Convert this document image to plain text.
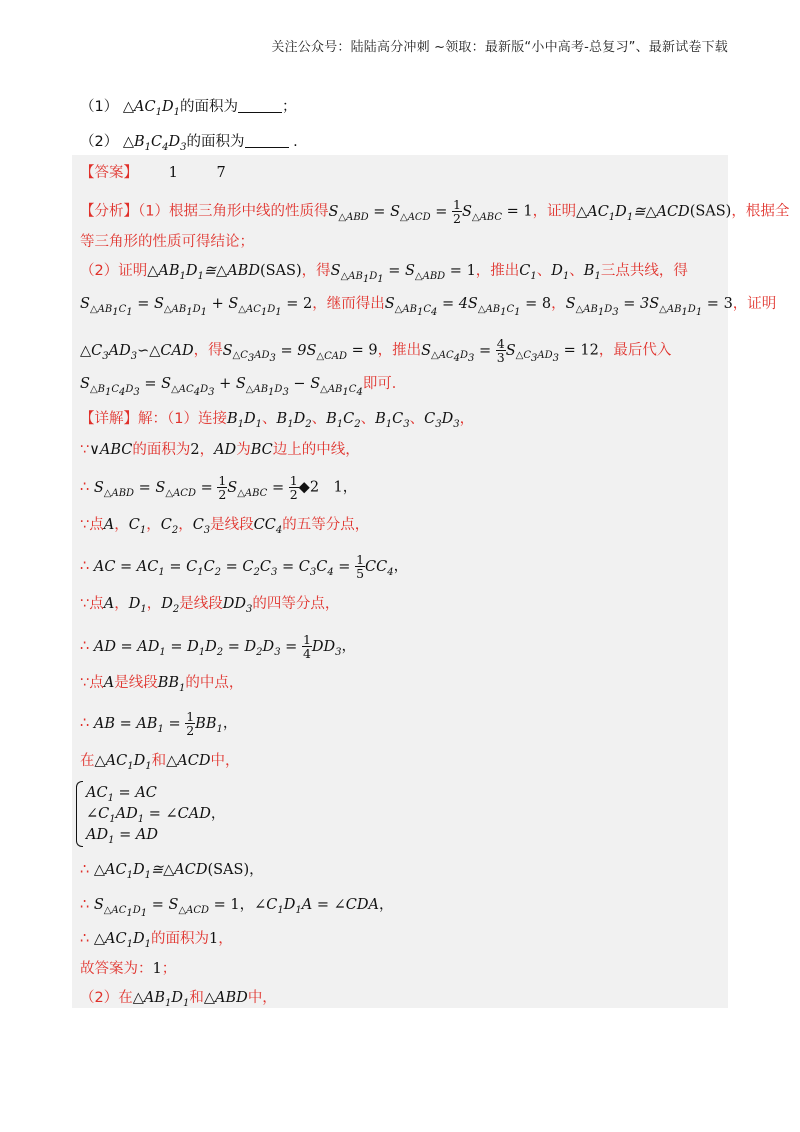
关注公众号：陆陆高分冲刺 ~领取：最新版“小中高考-总复习”、最新试卷下载
（1） $\triangle AC_1D_1$的面积为	；
（2） $\triangle B_1C_4D_3$的面积为	.
【答案】 1	7
【分析】（1）根据三角形中线的性质得$S_{\triangle ABD} = S_{\triangle ACD} = \frac{1}{2} S_{\triangle ABC} = 1$，证明$\triangle AC_1D_1≅\triangle ACD(SAS)$，根据全
等三角形的性质可得结论；
（2）证明$\triangle AB_1D_1≅\triangle ABD(SAS)$，得$S_{\triangle AB_1D_1} = S_{\triangle ABD} = 1$，推出$C_1$、$D_1$、$B_1$三点共线，得
$S_{\triangle AB_1C_1} = S_{\triangle AB_1D_1} + S_{\triangle AC_1D_1} = 2$，继而得出$S_{\triangle AB_1C_4} = 4S_{\triangle AB_1C_1} = 8$，$S_{\triangle AB_1D_3} = 3S_{\triangle AB_1D_1} = 3$，证明
$\triangle C_3AD_3∽\triangle CAD$，得$S_{\triangle C_3AD_3} = 9S_{\triangle CAD} = 9$，推出$S_{\triangle AC_4D_3} = \frac{4}{3} S_{\triangle C_3AD_3} = 12$，最后代入
$S_{\triangle B_1C_4D_3} = S_{\triangle AC_4D_3} + S_{\triangle AB_1D_3} - S_{\triangle AB_1C_4}$即可．
【详解】解：（1）连接$B_1D_1$、$B_1D_2$、$B_1C_2$、$B_1C_3$、$C_3D_3$，
∵∨ABC的面积为2，AD为BC边上的中线，
∴ $S_{\triangle ABD} = S_{\triangle ACD} = \frac{1}{2} S_{\triangle ABC} = \frac{1}{2}$ ◆2　1，
∵点A，$C_1$，$C_2$，$C_3$是线段$CC_4$的五等分点，
∴ AC = $AC_1 = C_1C_2 = C_2C_3 = C_3C_4 = \frac{1}{5} CC_4$，
∵点A，$D_1$，$D_2$是线段$DD_3$的四等分点，
∴ AD = $AD_1 = D_1D_2 = D_2D_3 = \frac{1}{4} DD_3$，
∵点A是线段$BB_1$的中点，
∴ AB = $AB_1 = \frac{1}{2} BB_1$，
在$\triangle AC_1D_1$和△ACD中，
$AC_1$ = AC
$\angle C_1AD_1$ = ∠CAD，
$AD_1$ = AD
∴ $\triangle AC_1D_1≅\triangle ACD(SAS)$，
∴ $S_{\triangle AC_1D_1} = S_{\triangle ACD} = 1$，$\angle C_1D_1A$ = ∠CDA，
∴ $\triangle AC_1D_1$的面积为1，
故答案为：1；
（2）在$\triangle AB_1D_1$和△ABD中，
